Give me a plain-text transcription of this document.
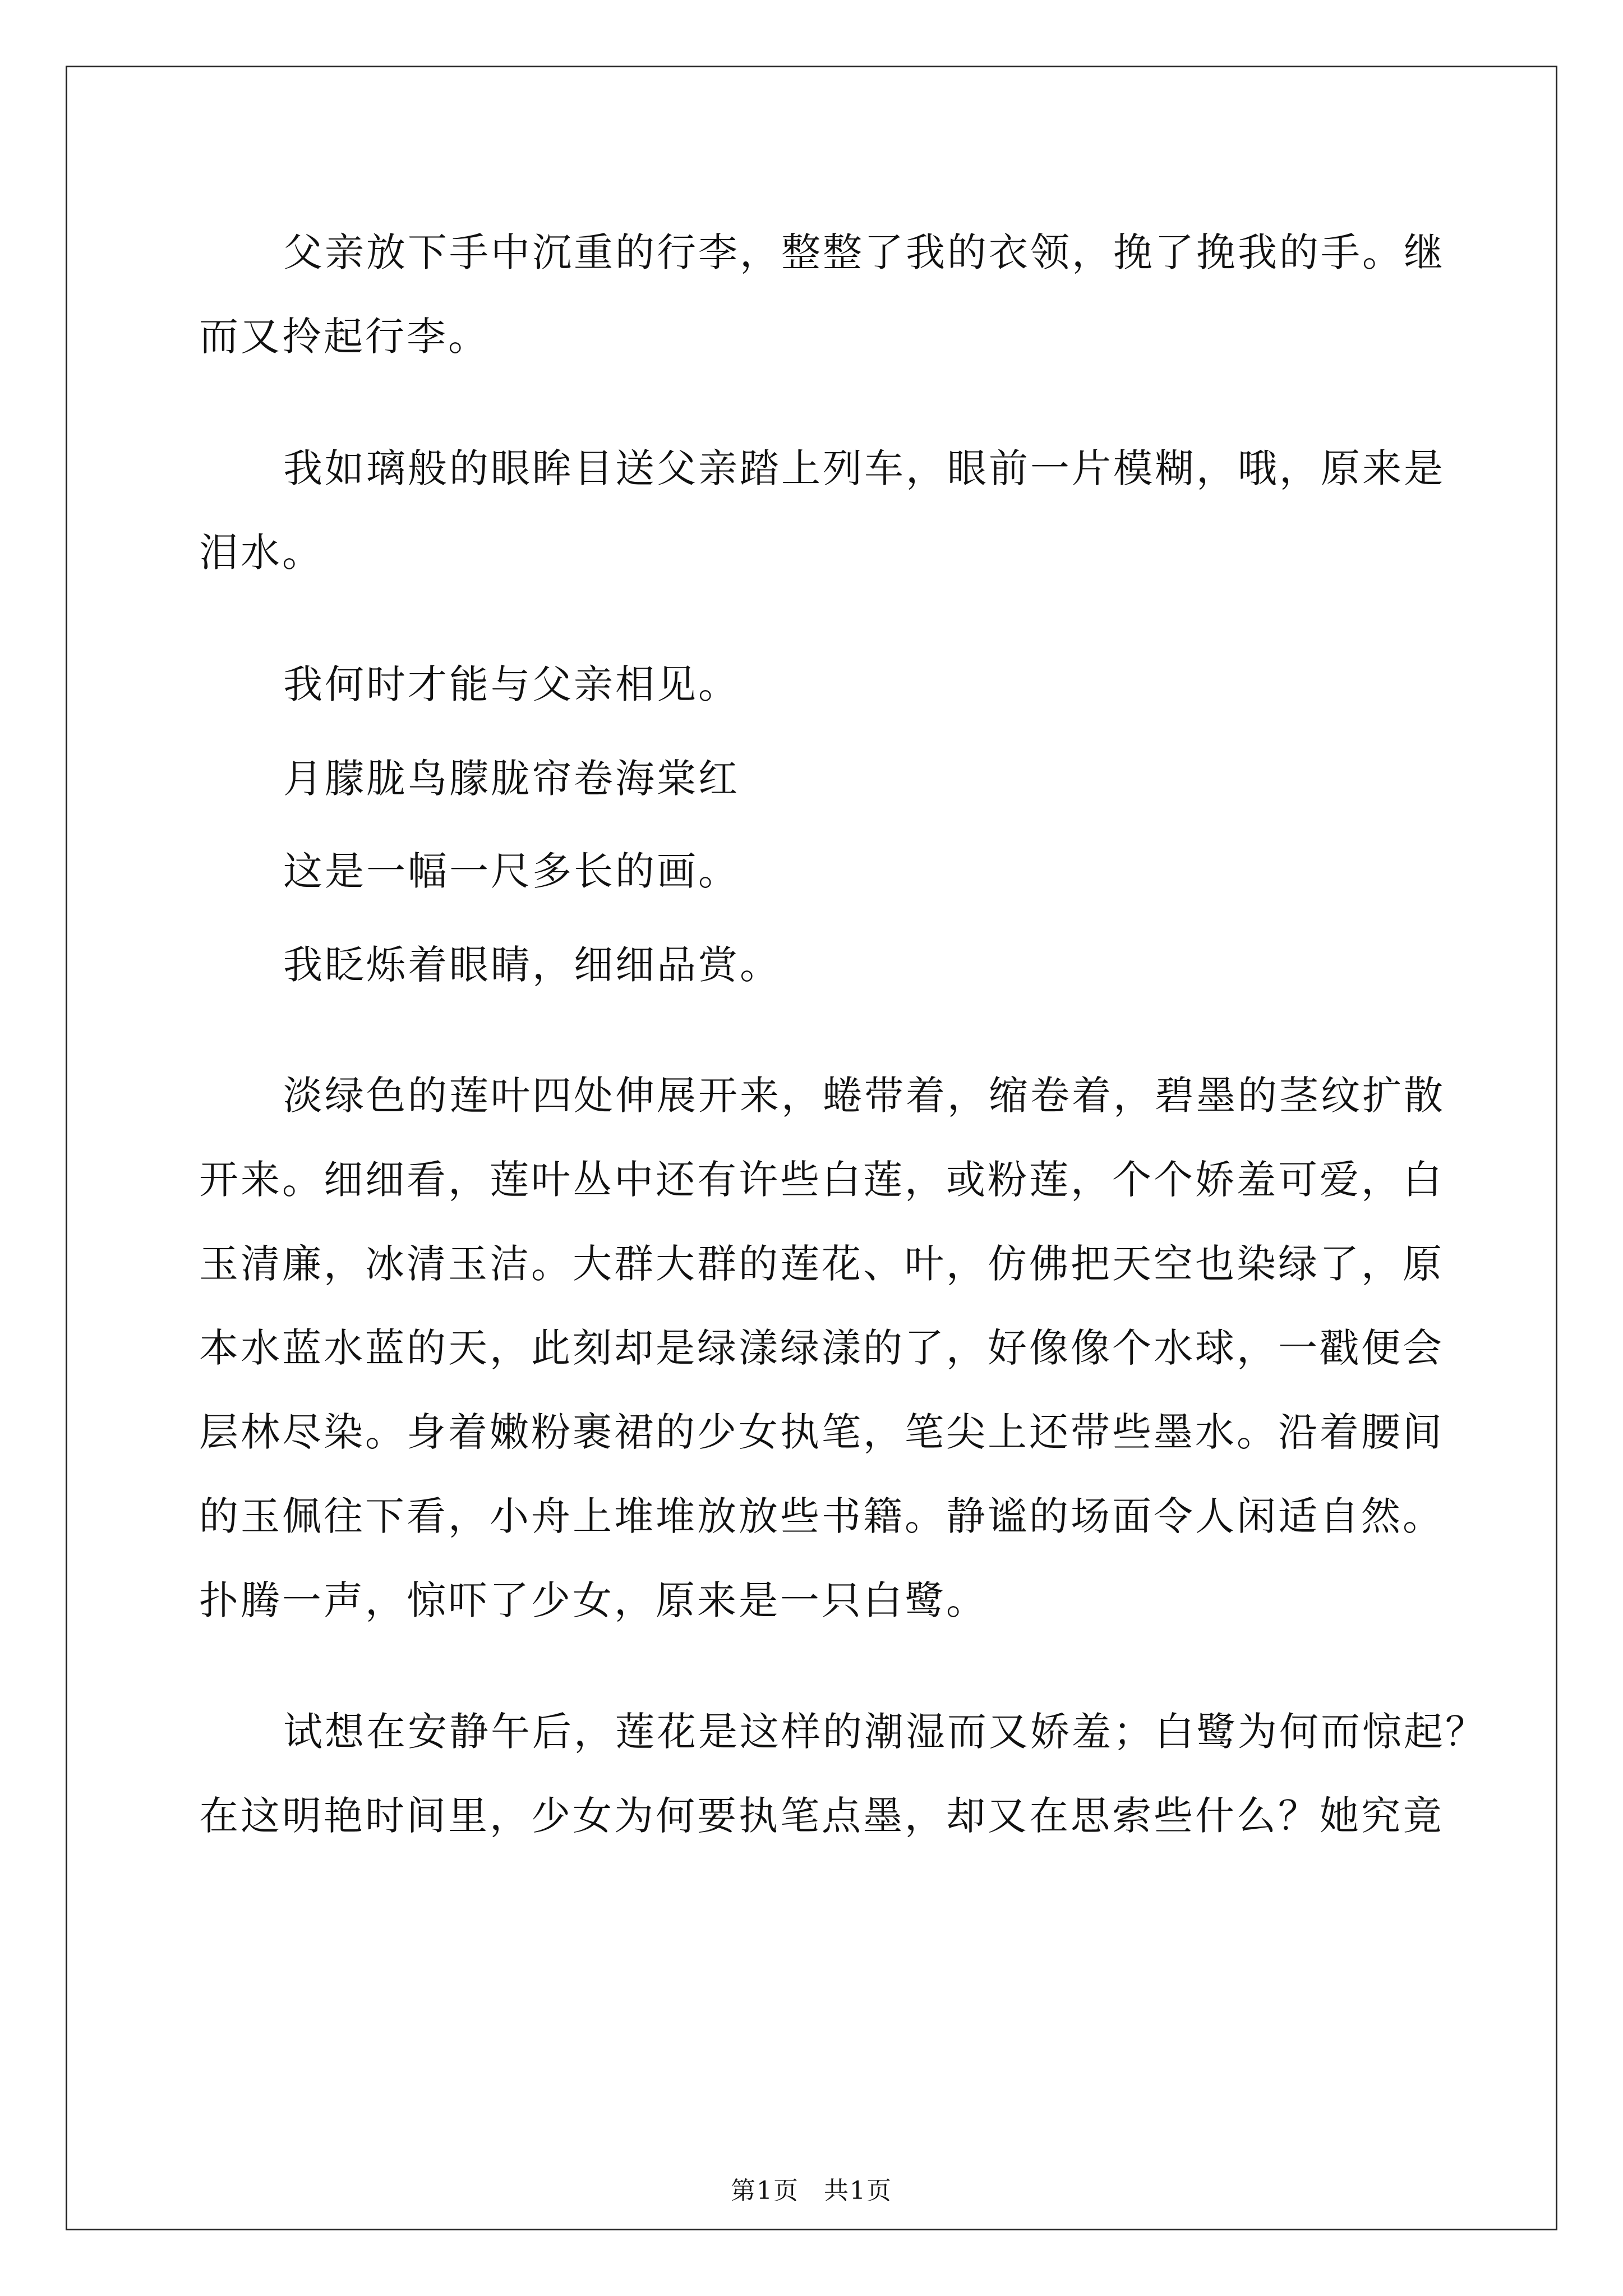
父亲放下手中沉重的行李，整整了我的衣领，挽了挽我的手。继
而又拎起行李。
我如璃般的眼眸目送父亲踏上列车，眼前一片模糊，哦，原来是
泪水。
我何时才能与父亲相见。
月朦胧鸟朦胧帘卷海棠红
这是一幅一尺多长的画。
我眨烁着眼睛，细细品赏。
淡绿色的莲叶四处伸展开来，蜷带着，缩卷着，碧墨的茎纹扩散
开来。细细看，莲叶丛中还有许些白莲，或粉莲，个个娇羞可爱，白
玉清廉，冰清玉洁。大群大群的莲花、叶，仿佛把天空也染绿了，原
本水蓝水蓝的天，此刻却是绿漾绿漾的了，好像像个水球，一戳便会
层林尽染。身着嫩粉裹裙的少女执笔，笔尖上还带些墨水。沿着腰间
的玉佩往下看，小舟上堆堆放放些书籍。静谧的场面令人闲适自然。
扑腾一声，惊吓了少女，原来是一只白鹭。
试想在安静午后，莲花是这样的潮湿而又娇羞；白鹭为何而惊起？
在这明艳时间里，少女为何要执笔点墨，却又在思索些什么？她究竟
第1页 共1页
